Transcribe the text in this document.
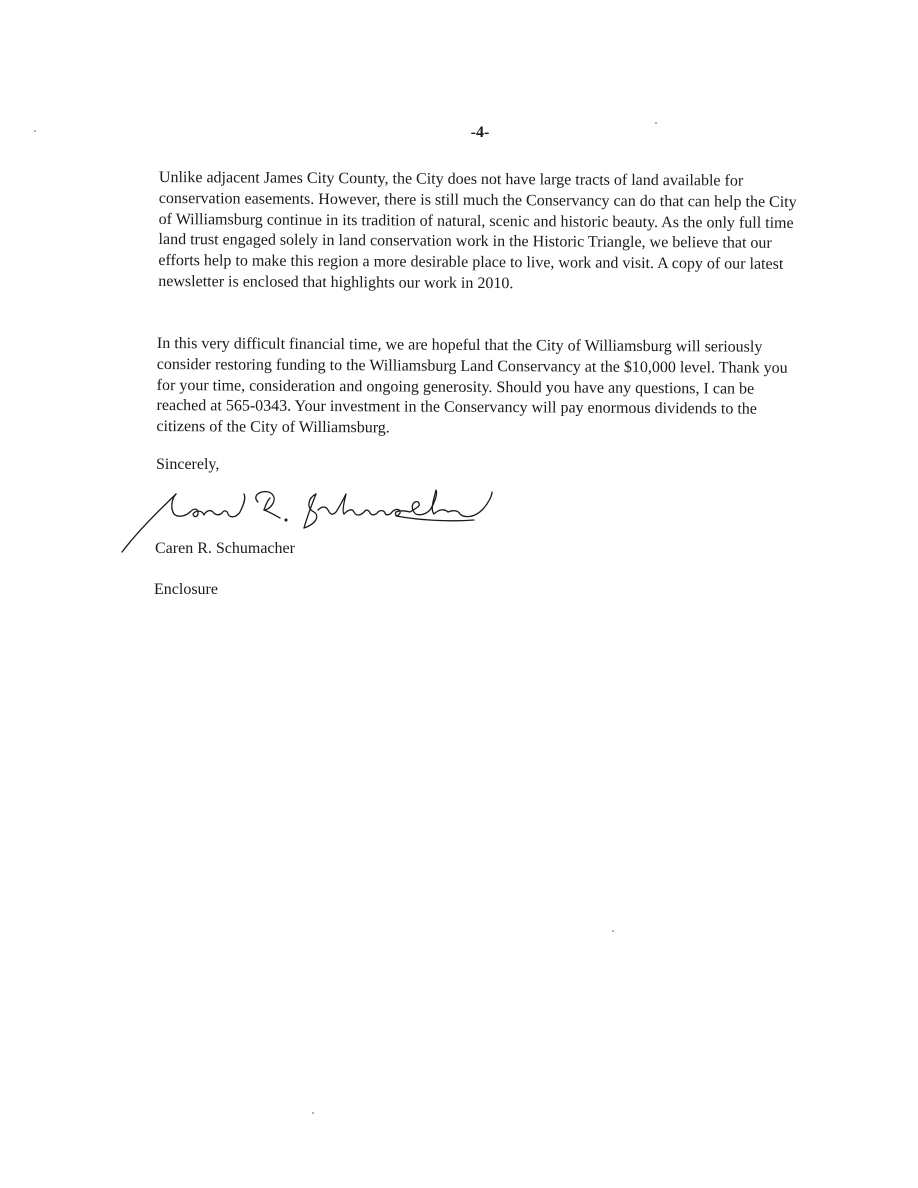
-4-

Unlike adjacent James City County, the City does not have large tracts of land available for conservation easements. However, there is still much the Conservancy can do that can help the City of Williamsburg continue in its tradition of natural, scenic and historic beauty. As the only full time land trust engaged solely in land conservation work in the Historic Triangle, we believe that our efforts help to make this region a more desirable place to live, work and visit. A copy of our latest newsletter is enclosed that highlights our work in 2010.

In this very difficult financial time, we are hopeful that the City of Williamsburg will seriously consider restoring funding to the Williamsburg Land Conservancy at the $10,000 level. Thank you for your time, consideration and ongoing generosity. Should you have any questions, I can be reached at 565-0343. Your investment in the Conservancy will pay enormous dividends to the citizens of the City of Williamsburg.

Sincerely,
Caren R. Schumacher
Enclosure
